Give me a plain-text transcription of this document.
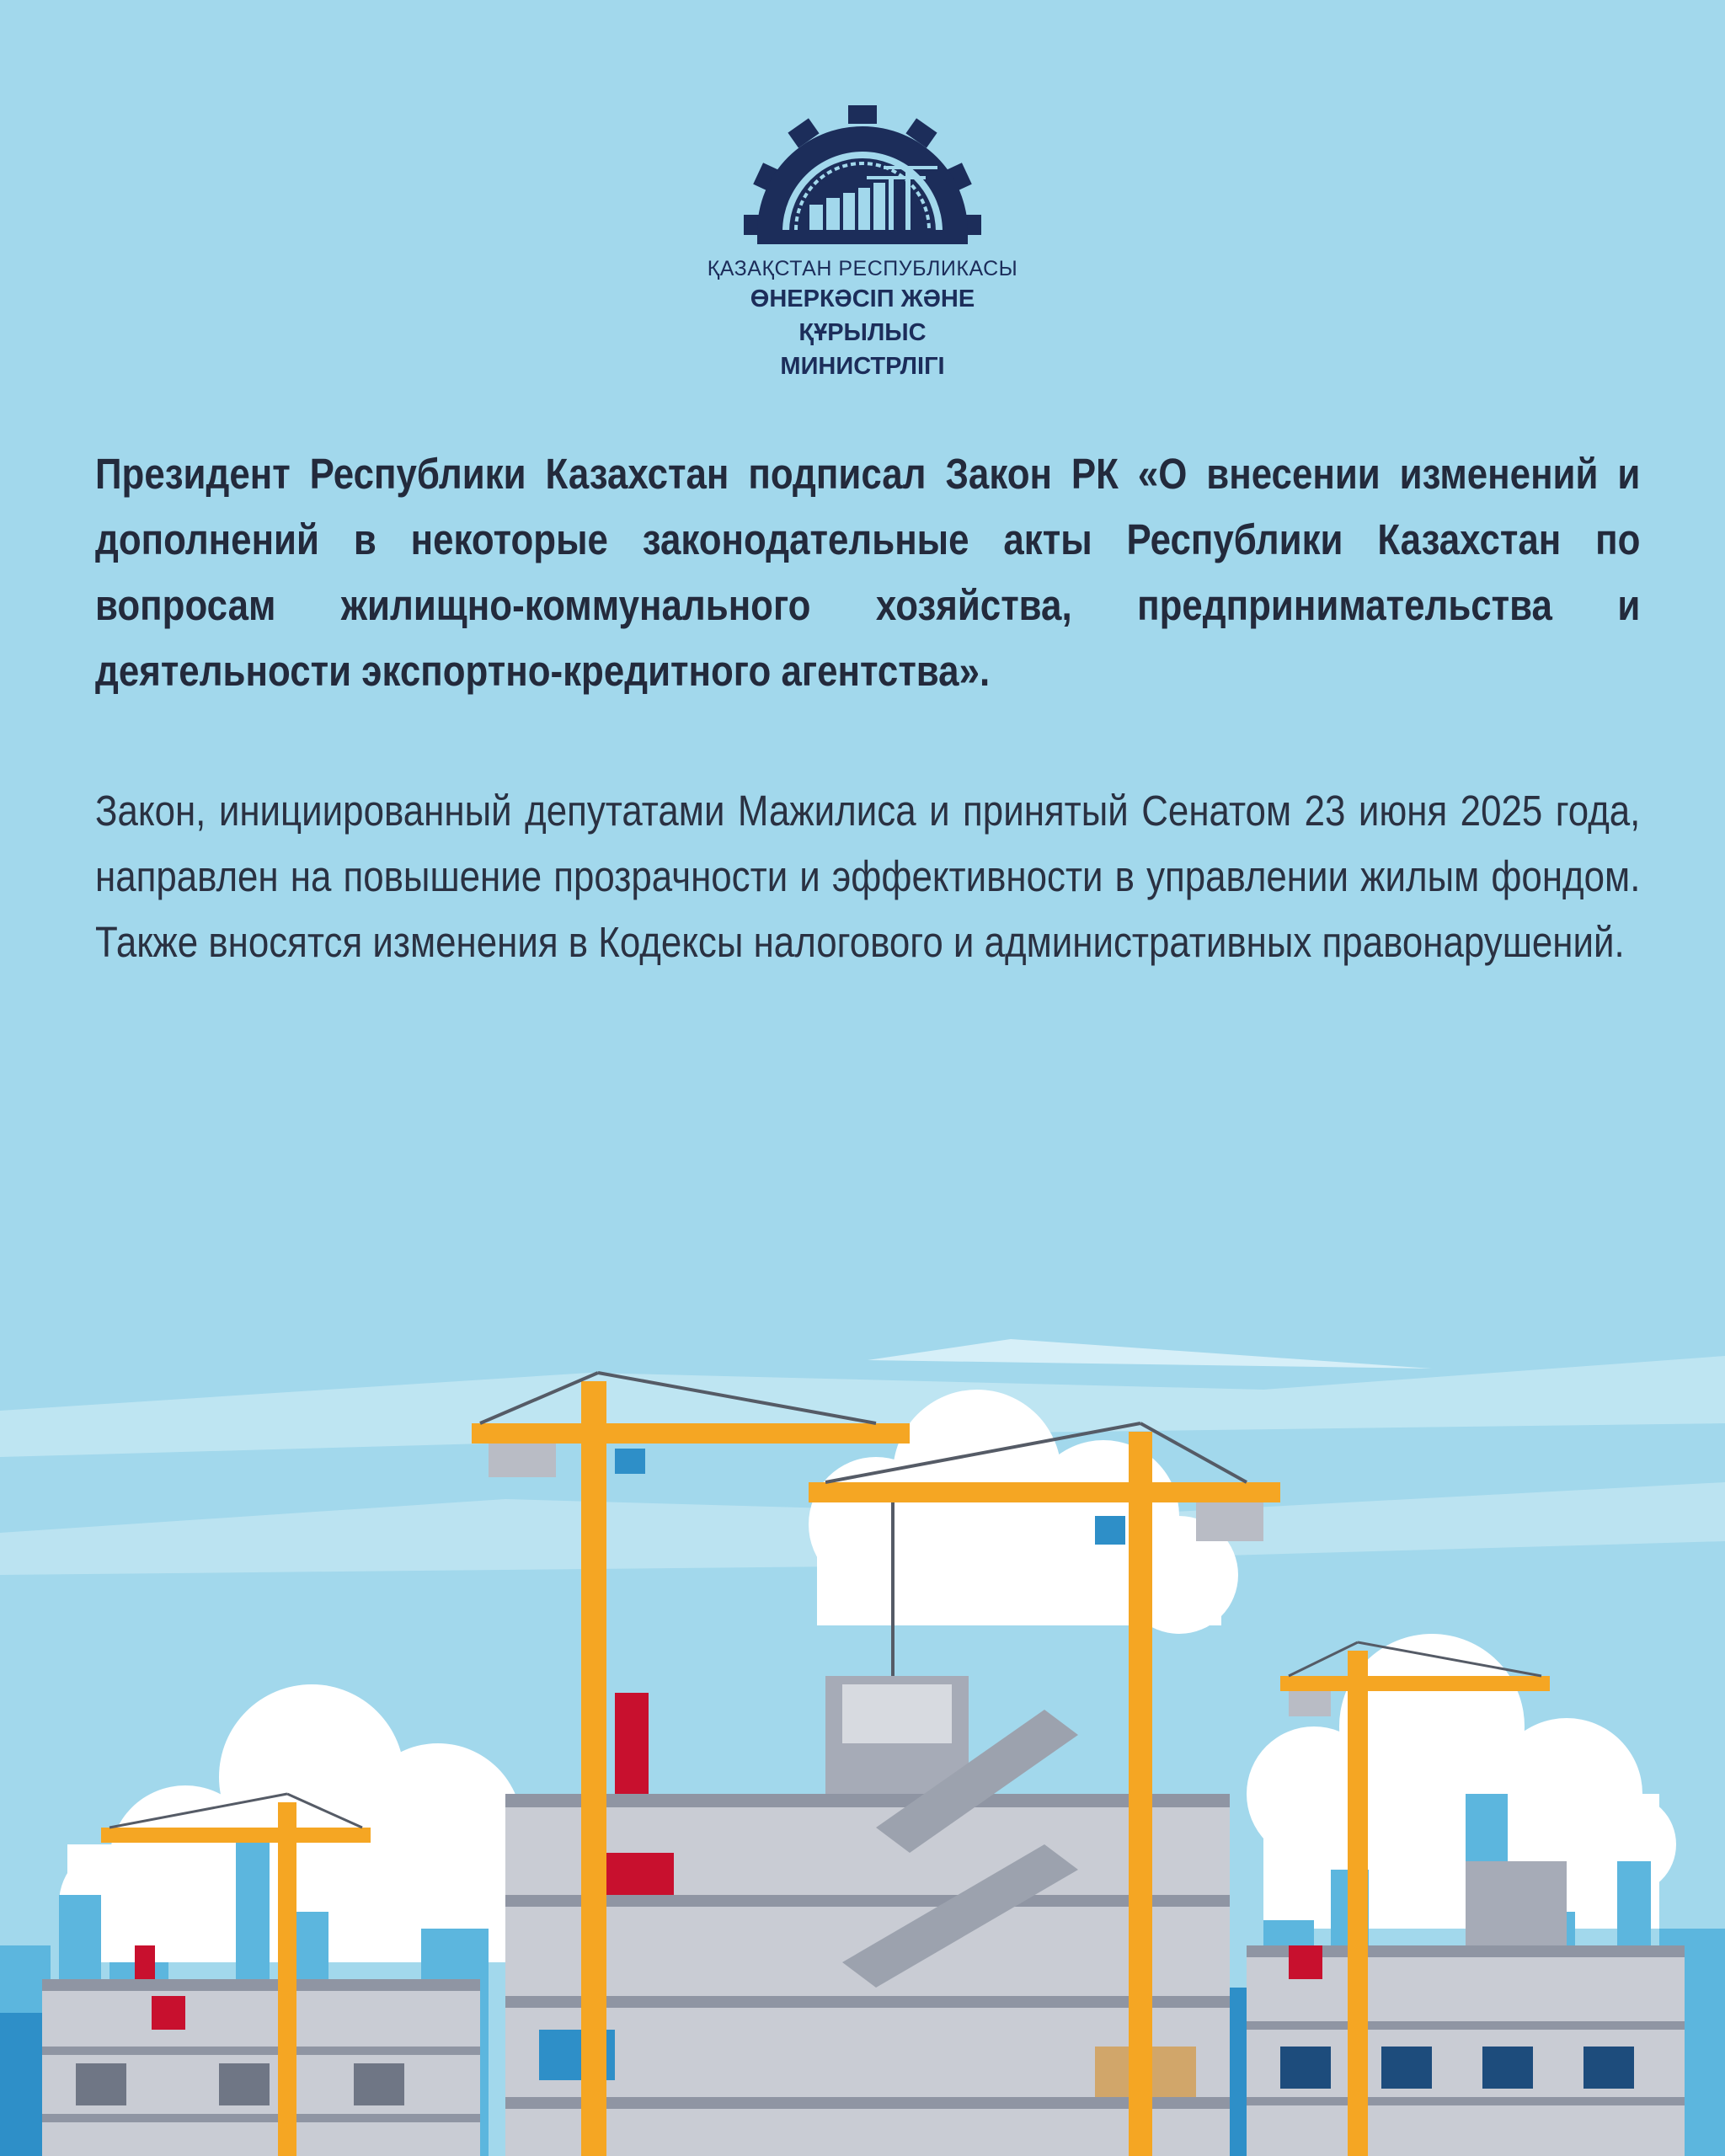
ҚАЗАҚСТАН РЕСПУБЛИКАСЫ
ӨНЕРКӘСІП ЖӘНЕ ҚҰРЫЛЫС
МИНИСТРЛІГІ

Президент Республики Казахстан подписал Закон РК «О внесении изменений и дополнений в некоторые законодательные акты Республики Казахстан по вопросам жилищно-коммунального хозяйства, предпринимательства и деятельности экспортно-кредитного агентства».

Закон, инициированный депутатами Мажилиса и принятый Сенатом 23 июня 2025 года, направлен на повышение прозрачности и эффективности в управлении жилым фондом. Также вносятся изменения в Кодексы налогового и административных правонарушений.
